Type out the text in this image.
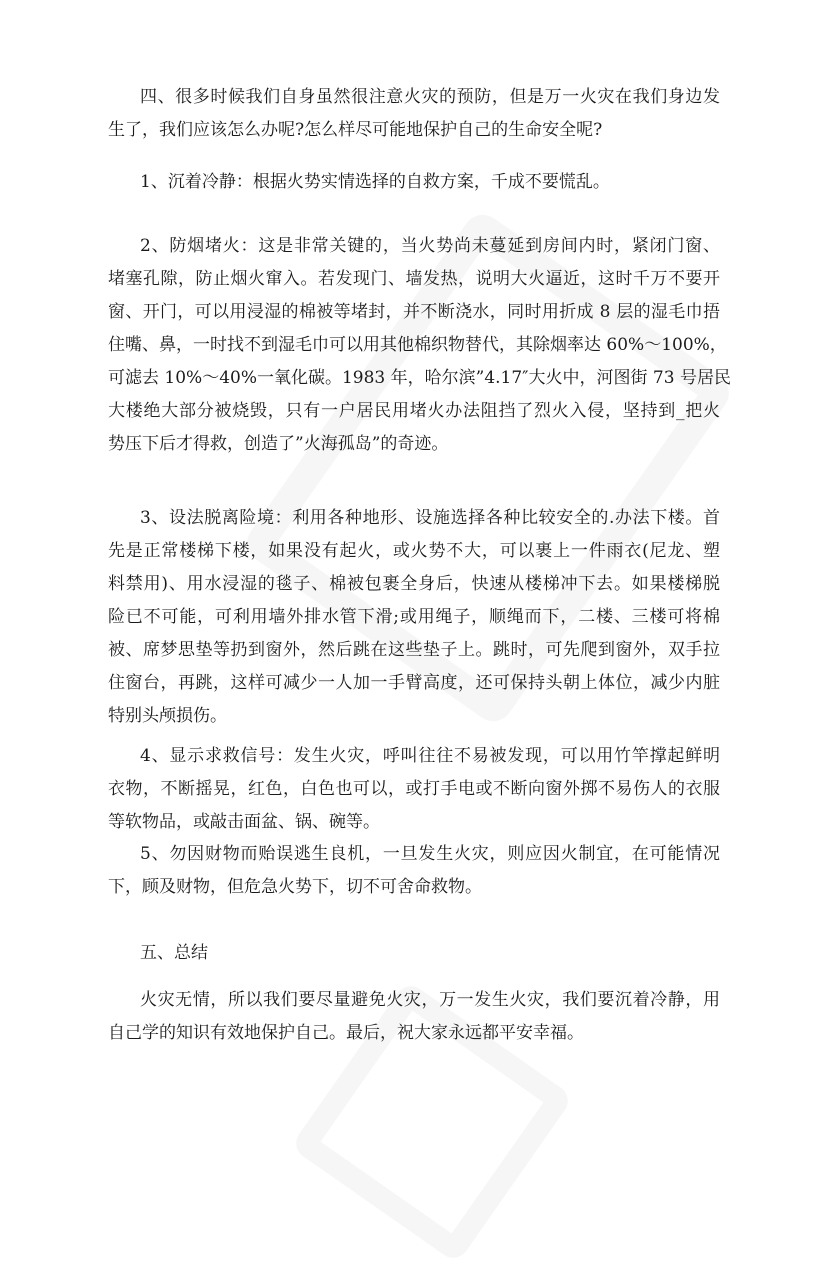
四、很多时候我们自身虽然很注意火灾的预防，但是万一火灾在我们身边发
生了，我们应该怎么办呢?怎么样尽可能地保护自己的生命安全呢?
1、沉着冷静：根据火势实情选择的自救方案，千成不要慌乱。
2、防烟堵火：这是非常关键的，当火势尚未蔓延到房间内时，紧闭门窗、
堵塞孔隙，防止烟火窜入。若发现门、墙发热，说明大火逼近，这时千万不要开
窗、开门，可以用浸湿的棉被等堵封，并不断浇水，同时用折成 8 层的湿毛巾捂
住嘴、鼻，一时找不到湿毛巾可以用其他棉织物替代，其除烟率达 60%～100%，
可滤去 10%～40%一氧化碳。1983 年，哈尔滨”4.17″大火中，河图街 73 号居民
大楼绝大部分被烧毁，只有一户居民用堵火办法阻挡了烈火入侵，坚持到_把火
势压下后才得救，创造了”火海孤岛”的奇迹。
3、设法脱离险境：利用各种地形、设施选择各种比较安全的.办法下楼。首
先是正常楼梯下楼，如果没有起火，或火势不大，可以裹上一件雨衣(尼龙、塑
料禁用)、用水浸湿的毯子、棉被包裹全身后，快速从楼梯冲下去。如果楼梯脱
险已不可能，可利用墙外排水管下滑;或用绳子，顺绳而下，二楼、三楼可将棉
被、席梦思垫等扔到窗外，然后跳在这些垫子上。跳时，可先爬到窗外，双手拉
住窗台，再跳，这样可减少一人加一手臂高度，还可保持头朝上体位，减少内脏
特别头颅损伤。
4、显示求救信号：发生火灾，呼叫往往不易被发现，可以用竹竿撑起鲜明
衣物，不断摇晃，红色，白色也可以，或打手电或不断向窗外掷不易伤人的衣服
等软物品，或敲击面盆、锅、碗等。
5、勿因财物而贻误逃生良机，一旦发生火灾，则应因火制宜，在可能情况
下，顾及财物，但危急火势下，切不可舍命救物。
五、总结
火灾无情，所以我们要尽量避免火灾，万一发生火灾，我们要沉着冷静，用
自己学的知识有效地保护自己。最后，祝大家永远都平安幸福。
